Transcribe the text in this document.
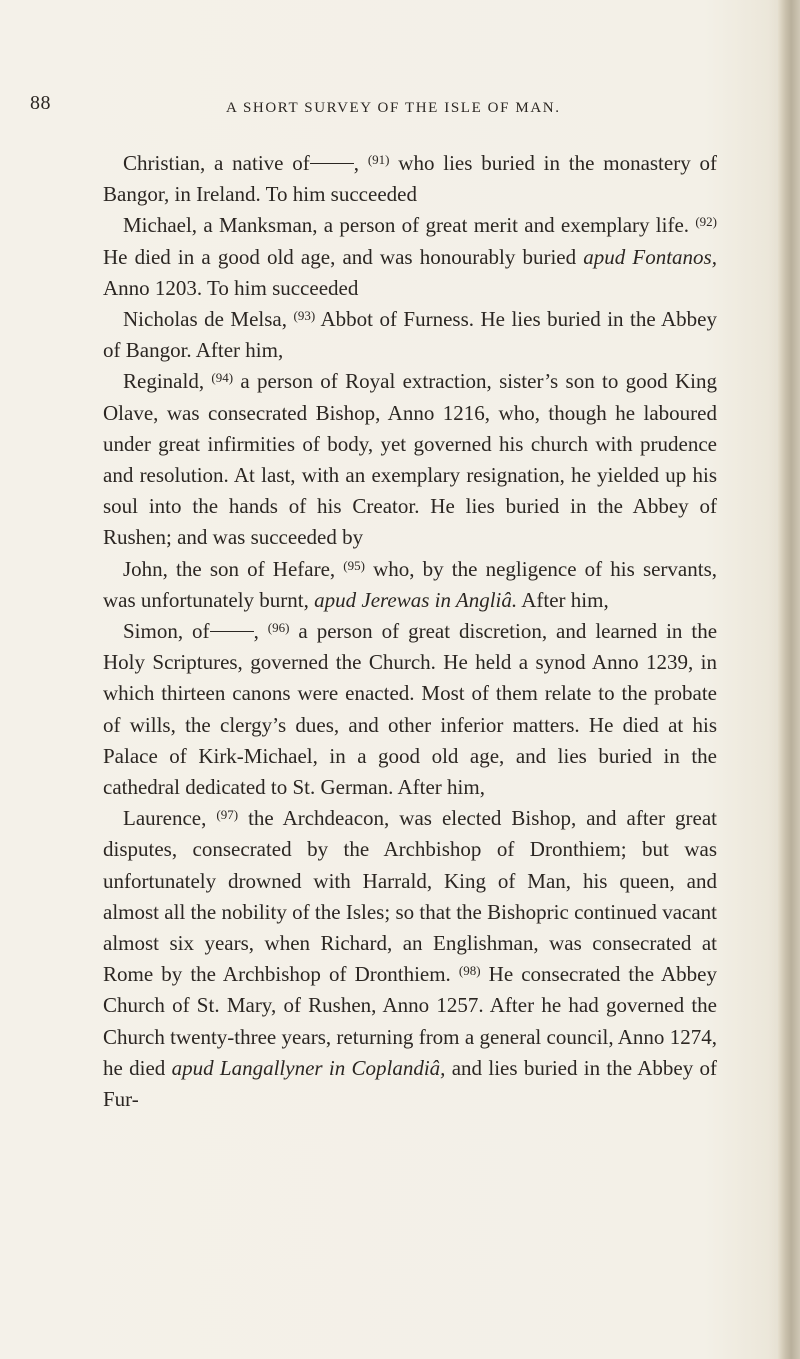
88	A SHORT SURVEY OF THE ISLE OF MAN.

Christian, a native of , $^{(91)}$ who lies buried in the monastery of Bangor, in Ireland. To him succeeded

Michael, a Manksman, a person of great merit and exemplary life. $^{(92)}$ He died in a good old age, and was honourably buried apud Fontanos, Anno 1203. To him succeeded

Nicholas de Melsa, $^{(93)}$ Abbot of Furness. He lies buried in the Abbey of Bangor. After him,

Reginald, $^{(94)}$ a person of Royal extraction, sister’s son to good King Olave, was consecrated Bishop, Anno 1216, who, though he laboured under great infirmities of body, yet governed his church with prudence and resolution. At last, with an exemplary resignation, he yielded up his soul into the hands of his Creator. He lies buried in the Abbey of Rushen; and was succeeded by

John, the son of Hefare, $^{(95)}$ who, by the negligence of his servants, was unfortunately burnt, apud Jerewas in Angliâ. After him,

Simon, of , $^{(96)}$ a person of great discretion, and learned in the Holy Scriptures, governed the Church. He held a synod Anno 1239, in which thirteen canons were enacted. Most of them relate to the probate of wills, the clergy’s dues, and other inferior matters. He died at his Palace of Kirk-Michael, in a good old age, and lies buried in the cathedral dedicated to St. German. After him,

Laurence, $^{(97)}$ the Archdeacon, was elected Bishop, and after great disputes, consecrated by the Archbishop of Dronthiem; but was unfortunately drowned with Harrald, King of Man, his queen, and almost all the nobility of the Isles; so that the Bishopric continued vacant almost six years, when Richard, an Englishman, was consecrated at Rome by the Archbishop of Dronthiem. $^{(98)}$ He consecrated the Abbey Church of St. Mary, of Rushen, Anno 1257. After he had governed the Church twenty-three years, returning from a general council, Anno 1274, he died apud Langallyner in Coplandiâ, and lies buried in the Abbey of Fur-
